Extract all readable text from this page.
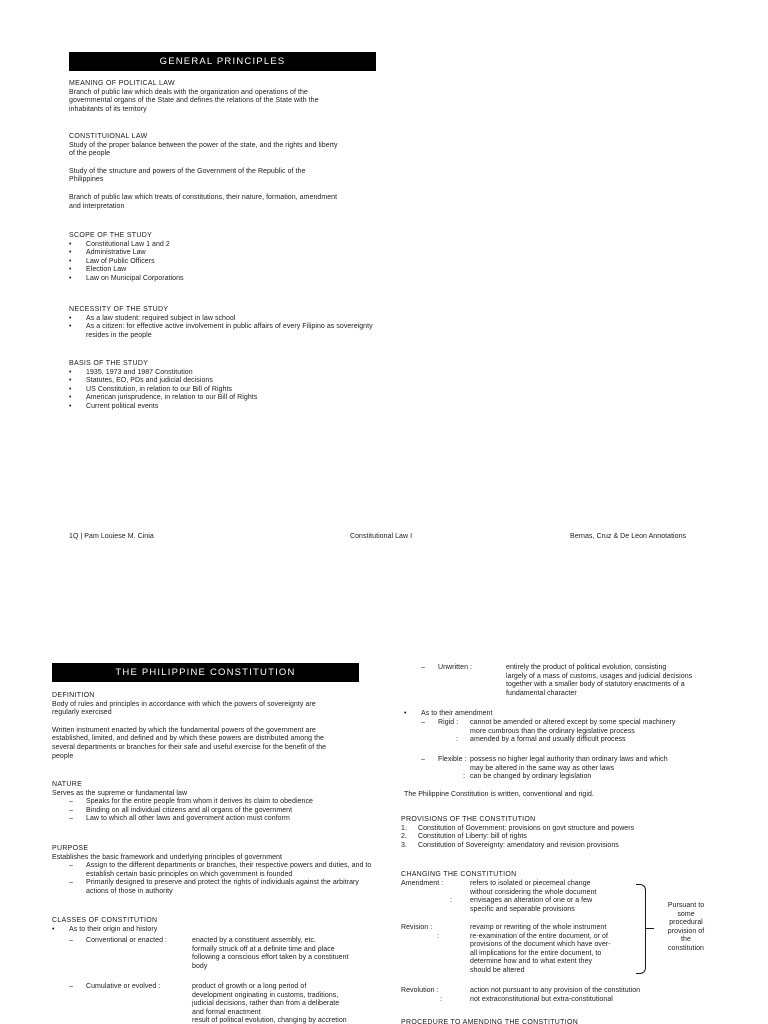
GENERAL PRINCIPLES
MEANING OF POLITICAL LAW
Branch of public law which deals with the organization and operations of the
governmental organs of the State and defines the relations of the State with the
inhabitants of its territory
CONSTITUIONAL LAW
Study of the proper balance between the power of the state, and the rights and liberty
of the people
Study of the structure and powers of the Government of the Republic of the
Philippines
Branch of public law which treats of constitutions, their nature, formation, amendment
and interpretation
SCOPE OF THE STUDY
• Constitutional Law 1 and 2
• Administrative Law
• Law of Public Officers
• Election Law
• Law on Municipal Corporations
NECESSITY OF THE STUDY
• As a law student: required subject in law school
• As a citizen: for effective active involvement in public affairs of every Filipino as sovereignty resides in the people
BASIS OF THE STUDY
• 1935, 1973 and 1987 Constitution
• Statutes, EO, PDs and judicial decisions
• US Constitution, in relation to our Bill of Rights
• American jurisprudence, in relation to our Bill of Rights
• Current political events
1Q | Pam Louiese M. Cinia	Constitutional Law I	Bernas, Cruz & De Leon Annotations
THE PHILIPPINE CONSTITUTION
DEFINITION
Body of rules and principles in accordance with which the powers of sovereignty are
regularly exercised
Written instrument enacted by which the fundamental powers of the government are
established, limited, and defined and by which these powers are distributed among the
several departments or branches for their safe and useful exercise for the benefit of the
people
NATURE
Serves as the supreme or fundamental law
– Speaks for the entire people from whom it derives its claim to obedience
– Binding on all individual citizens and all organs of the government
– Law to which all other laws and government action must conform
PURPOSE
Establishes the basic framework and underlying principles of government
– Assign to the different departments or branches, their respective powers and duties, and to establish certain basic principles on which government is founded
– Primarily designed to preserve and protect the rights of individuals against the arbitrary actions of those in authority
CLASSES OF CONSTITUTION
• As to their origin and history
– Conventional or enacted :	enacted by a constituent assembly, etc.
formally struck off at a definite time and place
following a conscious effort taken by a constituent
body
– Cumulative or evolved :	product of growth or a long period of
development originating in customs, traditions,
judicial decisions, rather than from a deliberate
and formal enactment
result of political evolution, changing by accretion
– Unwritten :	entirely the product of political evolution, consisting
largely of a mass of customs, usages and judicial decisions
together with a smaller body of statutory enactments of a
fundamental character
• As to their amendment
– Rigid : cannot be amended or altered except by some special machinery
more cumbrous than the ordinary legislative process
: amended by a formal and usually difficult process
– Flexible : possess no higher legal authority than ordinary laws and which
may be altered in the same way as other laws
: can be changed by ordinary legislation
The Philippine Constitution is written, conventional and rigid.
PROVISIONS OF THE CONSTITUTION
1. Constitution of Government: provisions on govt structure and powers
2. Constitution of Liberty: bill of rights
3. Constitution of Sovereignty: amendatory and revision provisions
CHANGING THE CONSTITUTION
Amendment :	refers to isolated or piecemeal change
without considering the whole document
:	envisages an alteration of one or a few
specific and separable provisions
Revision :	revamp or rewriting of the whole instrument
:	re-examination of the entire document, or of
provisions of the document which have over-
all implications for the entire document, to
determine how and to what extent they
should be altered
Pursuant to
some
procedural
provision of
the
constitution
Revolution :	action not pursuant to any provision of the constitution
:	not extraconstitutional but extra-constitutional
PROCEDURE TO AMENDING THE CONSTITUTION
